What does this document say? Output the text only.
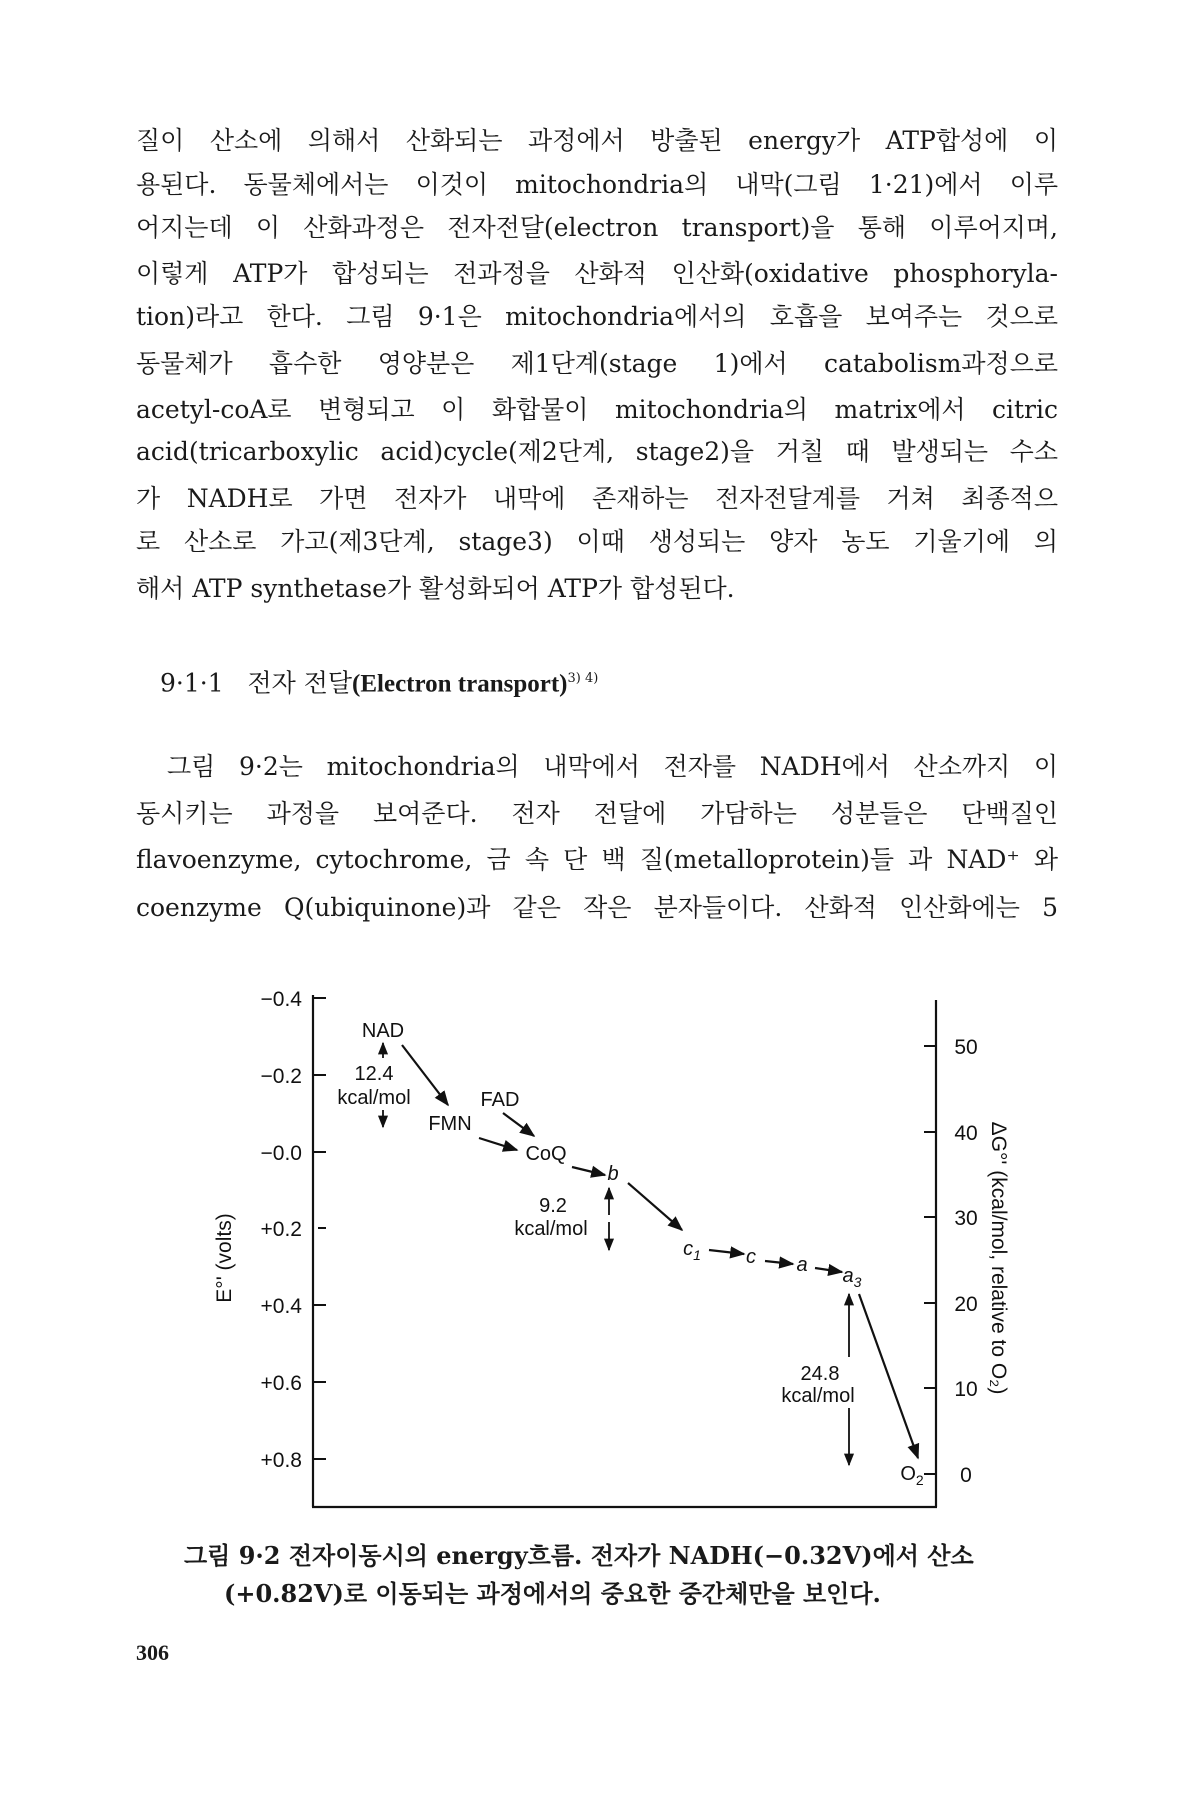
질이 산소에 의해서 산화되는 과정에서 방출된 energy가 ATP합성에 이
용된다. 동물체에서는 이것이 mitochondria의 내막(그림 1·21)에서 이루
어지는데 이 산화과정은 전자전달(electron transport)을 통해 이루어지며,
이렇게 ATP가 합성되는 전과정을 산화적 인산화(oxidative phosphoryla-
tion)라고 한다. 그림 9·1은 mitochondria에서의 호흡을 보여주는 것으로
동물체가 흡수한 영양분은 제1단계(stage 1)에서 catabolism과정으로
acetyl-coA로 변형되고 이 화합물이 mitochondria의 matrix에서 citric
acid(tricarboxylic acid)cycle(제2단계, stage2)을 거칠 때 발생되는 수소
가 NADH로 가면 전자가 내막에 존재하는 전자전달계를 거쳐 최종적으
로 산소로 가고(제3단계, stage3) 이때 생성되는 양자 농도 기울기에 의
해서 ATP synthetase가 활성화되어 ATP가 합성된다.
9·1·1 전자 전달(Electron transport)$^{3) 4)}$
그림 9·2는 mitochondria의 내막에서 전자를 NADH에서 산소까지 이
동시키는 과정을 보여준다. 전자 전달에 가담하는 성분들은 단백질인
flavoenzyme, cytochrome, 금 속 단 백 질(metalloprotein)들 과 NAD⁺ 와
coenzyme Q(ubiquinone)과 같은 작은 분자들이다. 산화적 인산화에는 5
−0.4
−0.2
−0.0
+0.2
+0.4
+0.6
+0.8
E°' (volts)
50
40
30
20
10
0
ΔG°' (kcal/mol, relative to O₂)
NAD
FMN
FAD
CoQ
b
$c_1$ c a $a_3$
$O_2$
12.4
kcal/mol
9.2
kcal/mol
24.8
kcal/mol
그림 9·2 전자이동시의 energy흐름. 전자가 NADH(−0.32V)에서 산소
(+0.82V)로 이동되는 과정에서의 중요한 중간체만을 보인다.
306
